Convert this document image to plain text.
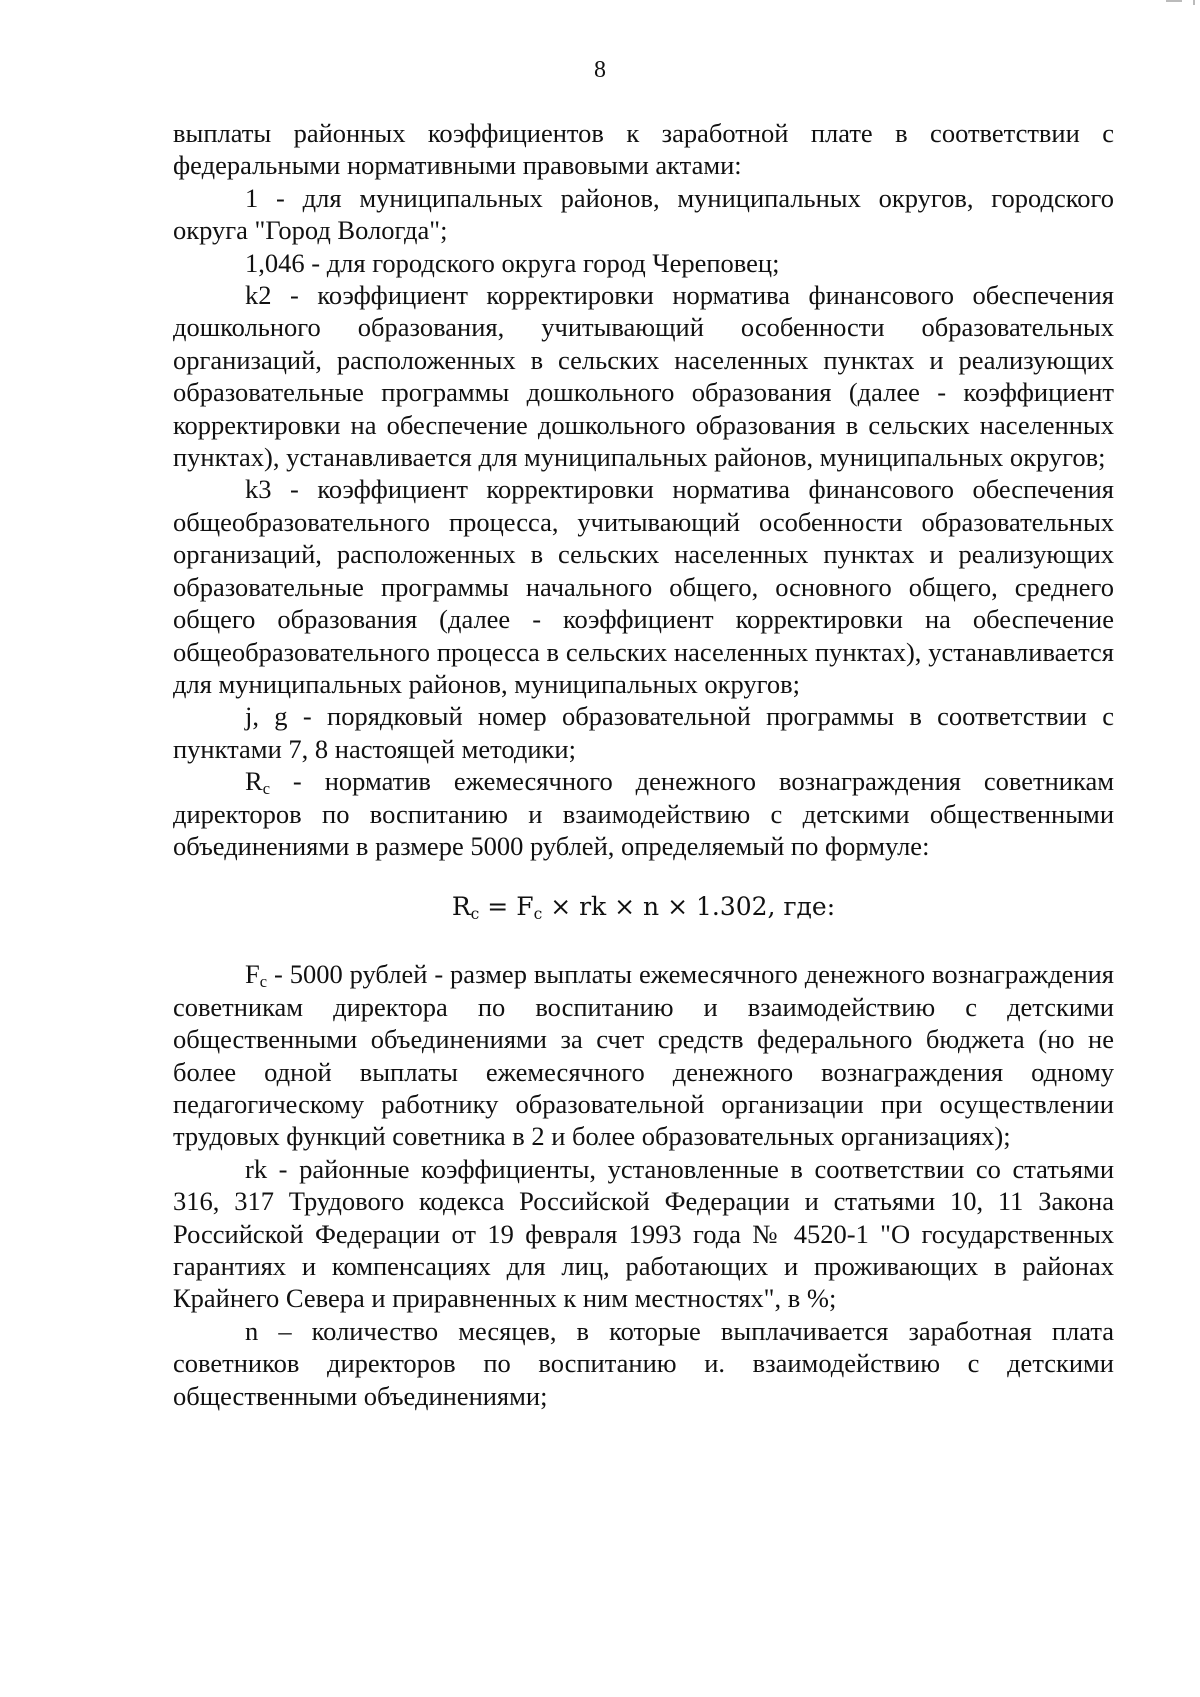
8

выплаты районных коэффициентов к заработной плате в соответствии с федеральными нормативными правовыми актами:

1 - для муниципальных районов, муниципальных округов, городского округа "Город Вологда";

1,046 - для городского округа город Череповец;

k2 - коэффициент корректировки норматива финансового обеспечения дошкольного образования, учитывающий особенности образовательных организаций, расположенных в сельских населенных пунктах и реализующих образовательные программы дошкольного образования (далее - коэффициент корректировки на обеспечение дошкольного образования в сельских населенных пунктах), устанавливается для муниципальных районов, муниципальных округов;

k3 - коэффициент корректировки норматива финансового обеспечения общеобразовательного процесса, учитывающий особенности образовательных организаций, расположенных в сельских населенных пунктах и реализующих образовательные программы начального общего, основного общего, среднего общего образования (далее - коэффициент корректировки на обеспечение общеобразовательного процесса в сельских населенных пунктах), устанавливается для муниципальных районов, муниципальных округов;

j, g - порядковый номер образовательной программы в соответствии с пунктами 7, 8 настоящей методики;

$R_c$ - норматив ежемесячного денежного вознаграждения советникам директоров по воспитанию и взаимодействию с детскими общественными объединениями в размере 5000 рублей, определяемый по формуле:

$R_c = F_c$ × rk × n × 1.302, где:

$F_c - 5000$ рублей - размер выплаты ежемесячного денежного вознаграждения советникам директора по воспитанию и взаимодействию с детскими общественными объединениями за счет средств федерального бюджета (но не более одной выплаты ежемесячного денежного вознаграждения одному педагогическому работнику образовательной организации при осуществлении трудовых функций советника в 2 и более образовательных организациях);

rk - районные коэффициенты, установленные в соответствии со статьями 316, 317 Трудового кодекса Российской Федерации и статьями 10, 11 Закона Российской Федерации от 19 февраля 1993 года № 4520-1 "О государственных гарантиях и компенсациях для лиц, работающих и проживающих в районах Крайнего Севера и приравненных к ним местностях", в %;

n – количество месяцев, в которые выплачивается заработная плата советников директоров по воспитанию и. взаимодействию с детскими общественными объединениями;
